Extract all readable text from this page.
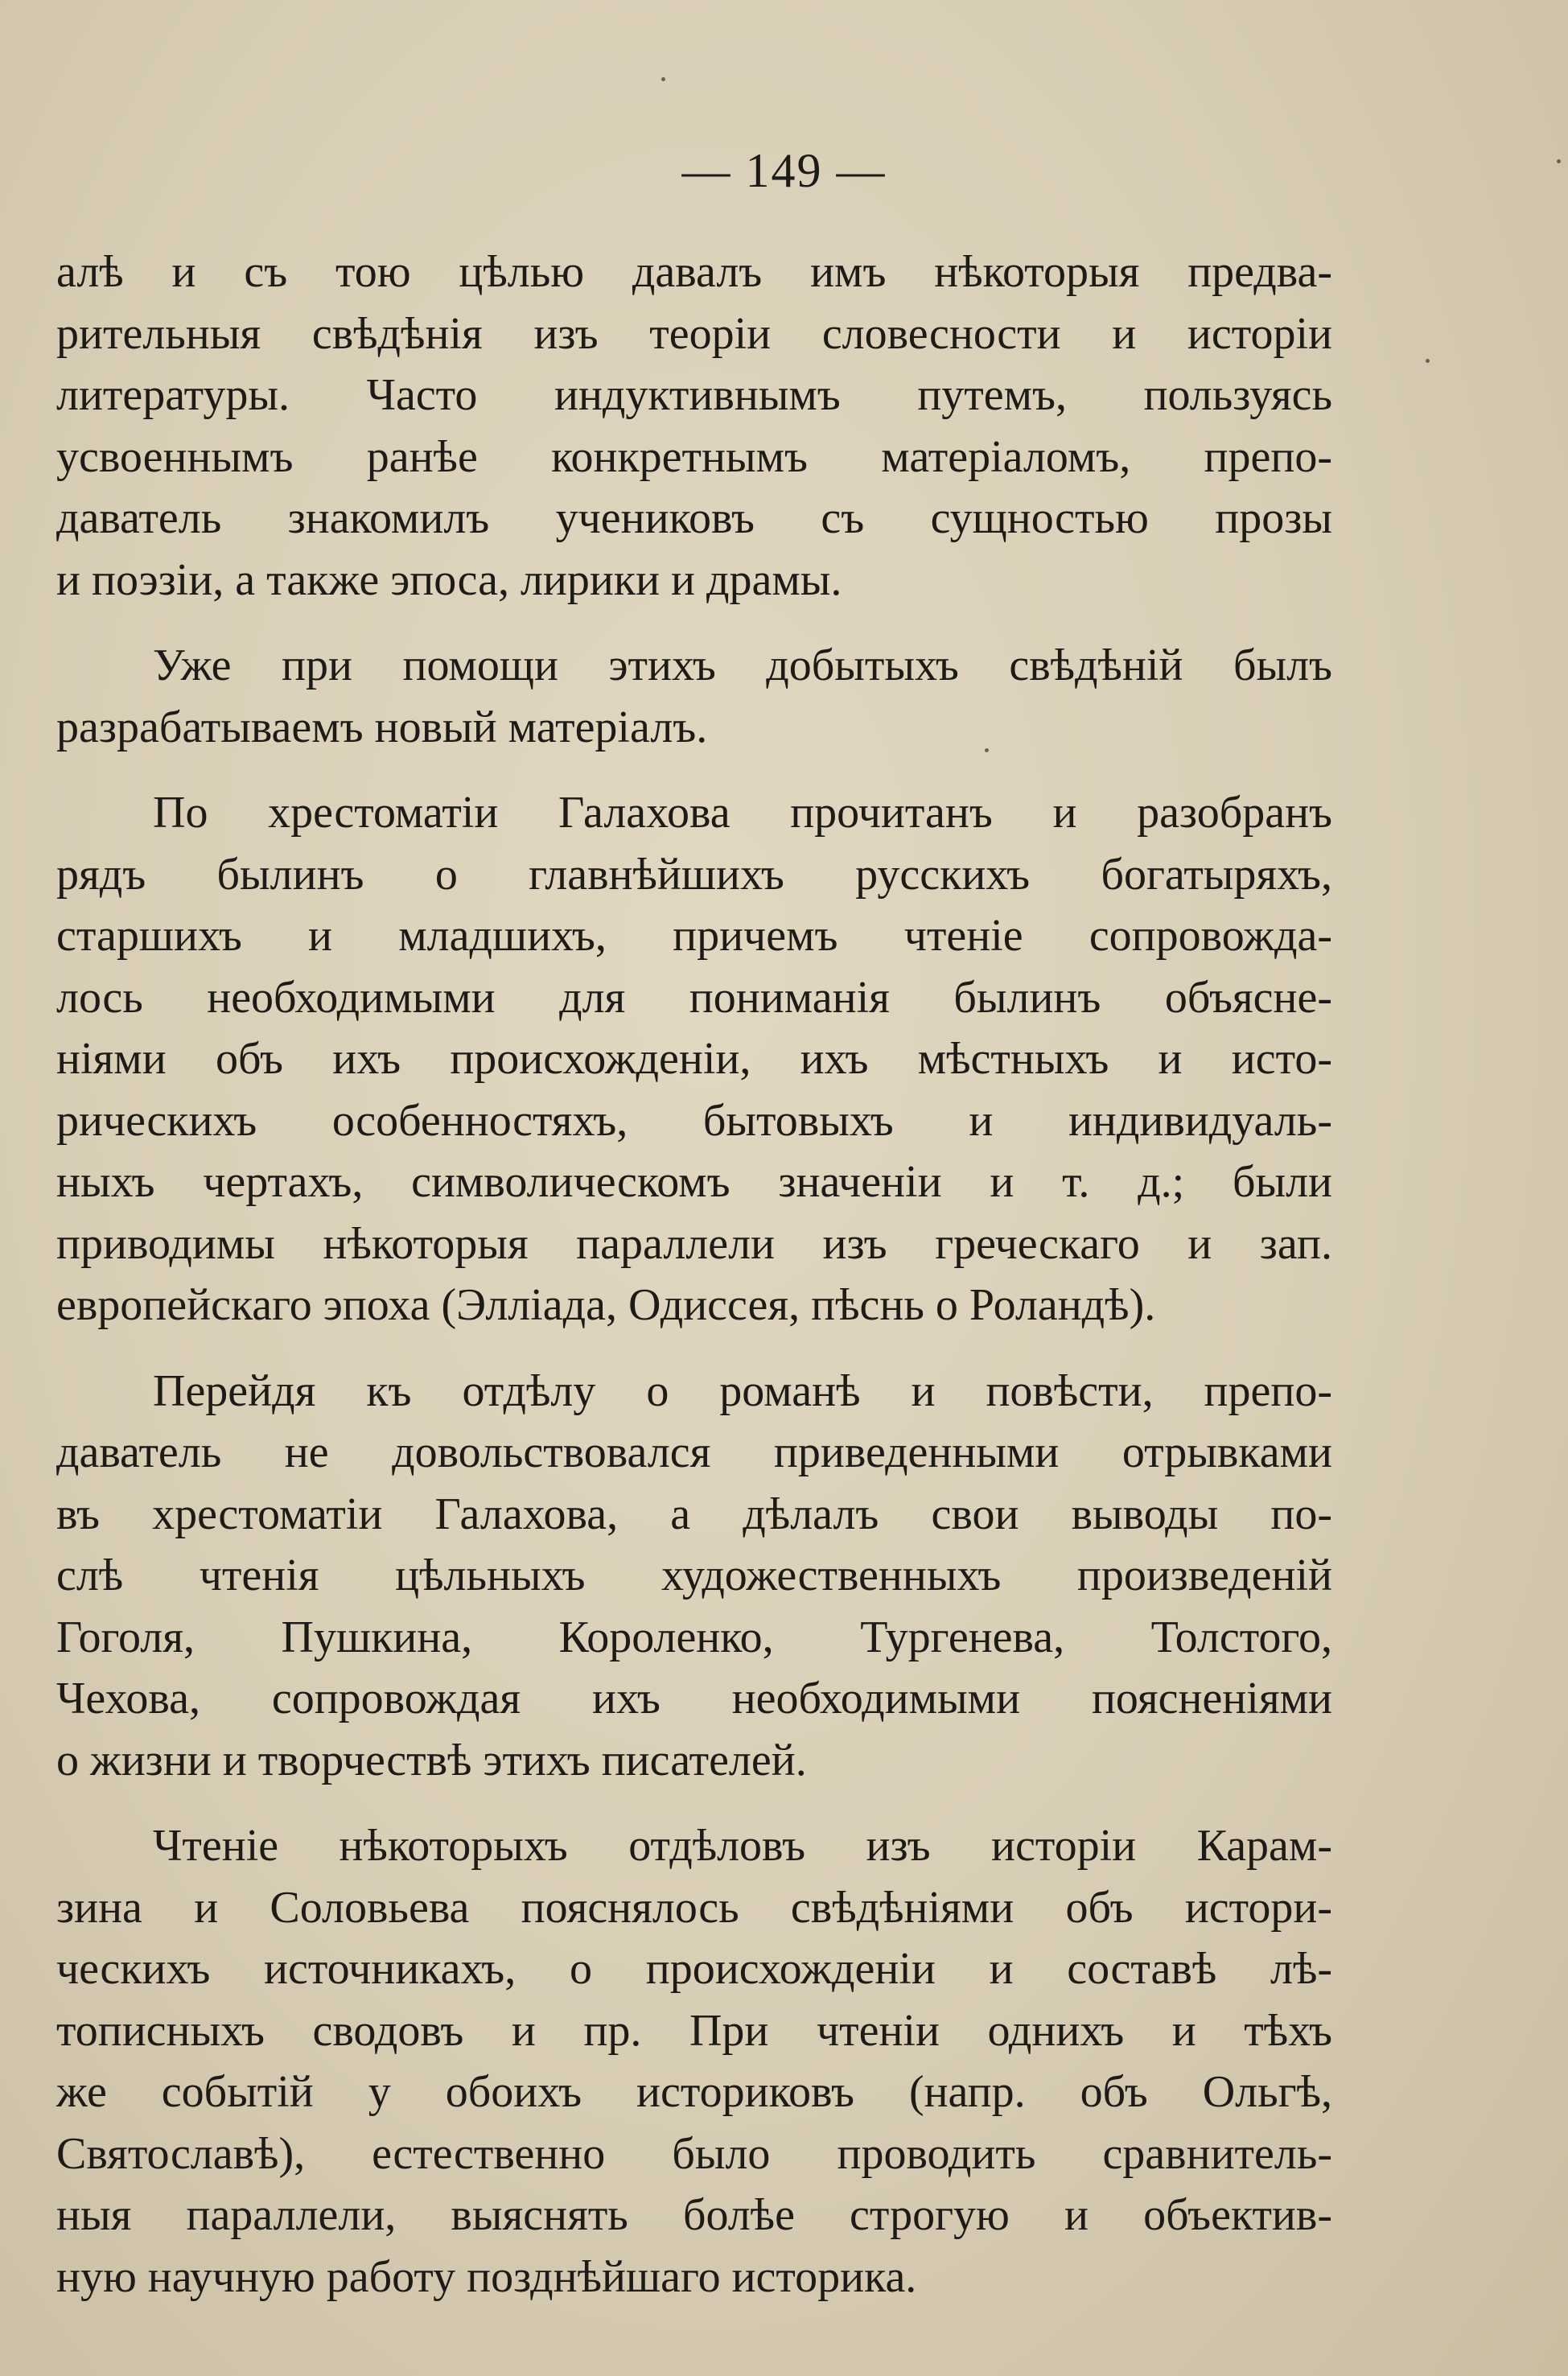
— 149 —
алѣ и съ тою цѣлью давалъ имъ нѣкоторыя предва-
рительныя свѣдѣнія изъ теоріи словесности и исторіи
литературы. Часто индуктивнымъ путемъ, пользуясь
усвоеннымъ ранѣе конкретнымъ матеріаломъ, препо-
даватель знакомилъ учениковъ съ сущностью прозы
и поэзіи, а также эпоса, лирики и драмы.
Уже при помощи этихъ добытыхъ свѣдѣній былъ
разрабатываемъ новый матеріалъ.
По хрестоматіи Галахова прочитанъ и разобранъ
рядъ былинъ о главнѣйшихъ русскихъ богатыряхъ,
старшихъ и младшихъ, причемъ чтеніе сопровожда-
лось необходимыми для пониманія былинъ объясне-
ніями объ ихъ происхожденіи, ихъ мѣстныхъ и исто-
рическихъ особенностяхъ, бытовыхъ и индивидуаль-
ныхъ чертахъ, символическомъ значеніи и т. д.; были
приводимы нѣкоторыя параллели изъ греческаго и зап.
европейскаго эпоха (Элліада, Одиссея, пѣснь о Роландѣ).
Перейдя къ отдѣлу о романѣ и повѣсти, препо-
даватель не довольствовался приведенными отрывками
въ хрестоматіи Галахова, а дѣлалъ свои выводы по-
слѣ чтенія цѣльныхъ художественныхъ произведеній
Гоголя, Пушкина, Короленко, Тургенева, Толстого,
Чехова, сопровождая ихъ необходимыми поясненіями
о жизни и творчествѣ этихъ писателей.
Чтеніе нѣкоторыхъ отдѣловъ изъ исторіи Карам-
зина и Соловьева пояснялось свѣдѣніями объ истори-
ческихъ источникахъ, о происхожденіи и составѣ лѣ-
тописныхъ сводовъ и пр. При чтеніи однихъ и тѣхъ
же событій у обоихъ историковъ (напр. объ Ольгѣ,
Святославѣ), естественно было проводить сравнитель-
ныя параллели, выяснять болѣе строгую и объектив-
ную научную работу позднѣйшаго историка.
